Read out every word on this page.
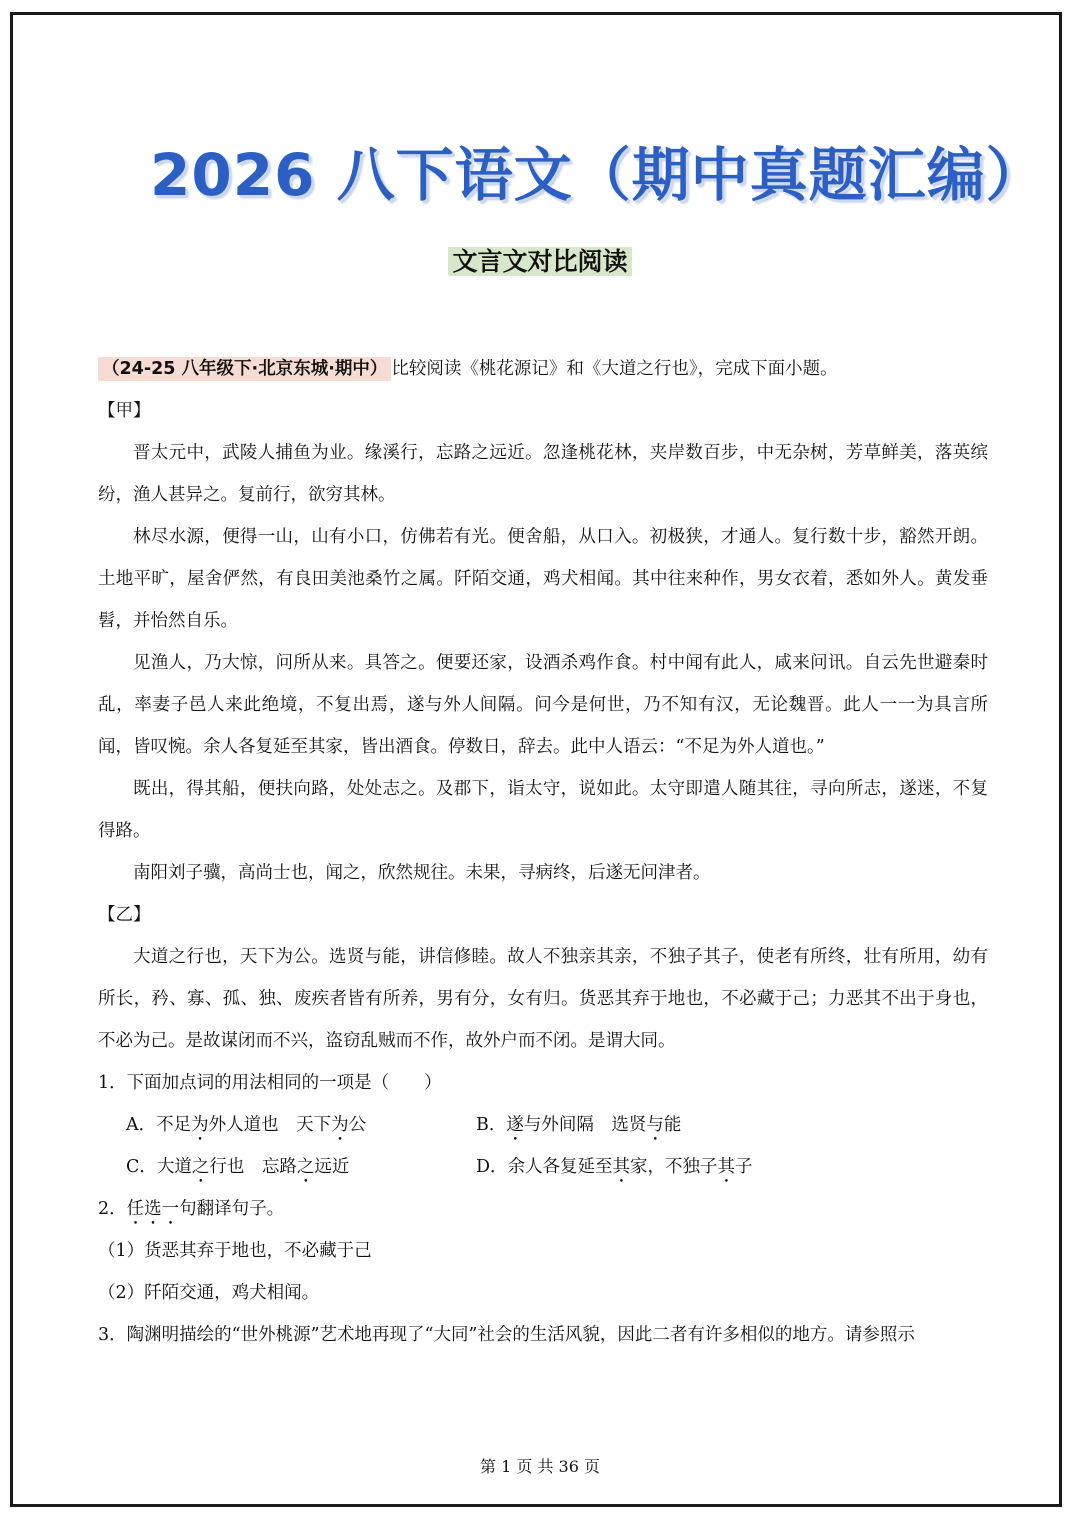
2026 八下语文（期中真题汇编）
文言文对比阅读

（24-25 八年级下·北京东城·期中） 比较阅读《桃花源记》和《大道之行也》，完成下面小题。

【甲】

晋太元中，武陵人捕鱼为业。缘溪行，忘路之远近。忽逢桃花林，夹岸数百步，中无杂树，芳草鲜美，落英缤纷，渔人甚异之。复前行，欲穷其林。

林尽水源，便得一山，山有小口，仿佛若有光。便舍船，从口入。初极狭，才通人。复行数十步，豁然开朗。土地平旷，屋舍俨然，有良田美池桑竹之属。阡陌交通，鸡犬相闻。其中往来种作，男女衣着，悉如外人。黄发垂髫，并怡然自乐。

见渔人，乃大惊，问所从来。具答之。便要还家，设酒杀鸡作食。村中闻有此人，咸来问讯。自云先世避秦时乱，率妻子邑人来此绝境，不复出焉，遂与外人间隔。问今是何世，乃不知有汉，无论魏晋。此人一一为具言所闻，皆叹惋。余人各复延至其家，皆出酒食。停数日，辞去。此中人语云：“不足为外人道也。”

既出，得其船，便扶向路，处处志之。及郡下，诣太守，说如此。太守即遣人随其往，寻向所志，遂迷，不复得路。

南阳刘子骥，高尚士也，闻之，欣然规往。未果，寻病终，后遂无问津者。

【乙】

大道之行也，天下为公。选贤与能，讲信修睦。故人不独亲其亲，不独子其子，使老有所终，壮有所用，幼有所长，矜、寡、孤、独、废疾者皆有所养，男有分，女有归。货恶其弃于地也，不必藏于己；力恶其不出于身也，不必为己。是故谋闭而不兴，盗窃乱贼而不作，故外户而不闭。是谓大同。

1．下面加点词的用法相同的一项是（　　）

A．不足为外人道也　天下为公	B．遂与外间隔　选贤与能
C．大道之行也　忘路之远近	D．余人各复延至其家，不独子其子

2．任选一句翻译句子。

（1）货恶其弃于地也，不必藏于己

（2）阡陌交通，鸡犬相闻。

3．陶渊明描绘的“世外桃源”艺术地再现了“大同”社会的生活风貌，因此二者有许多相似的地方。请参照示

第 1 页 共 36 页
